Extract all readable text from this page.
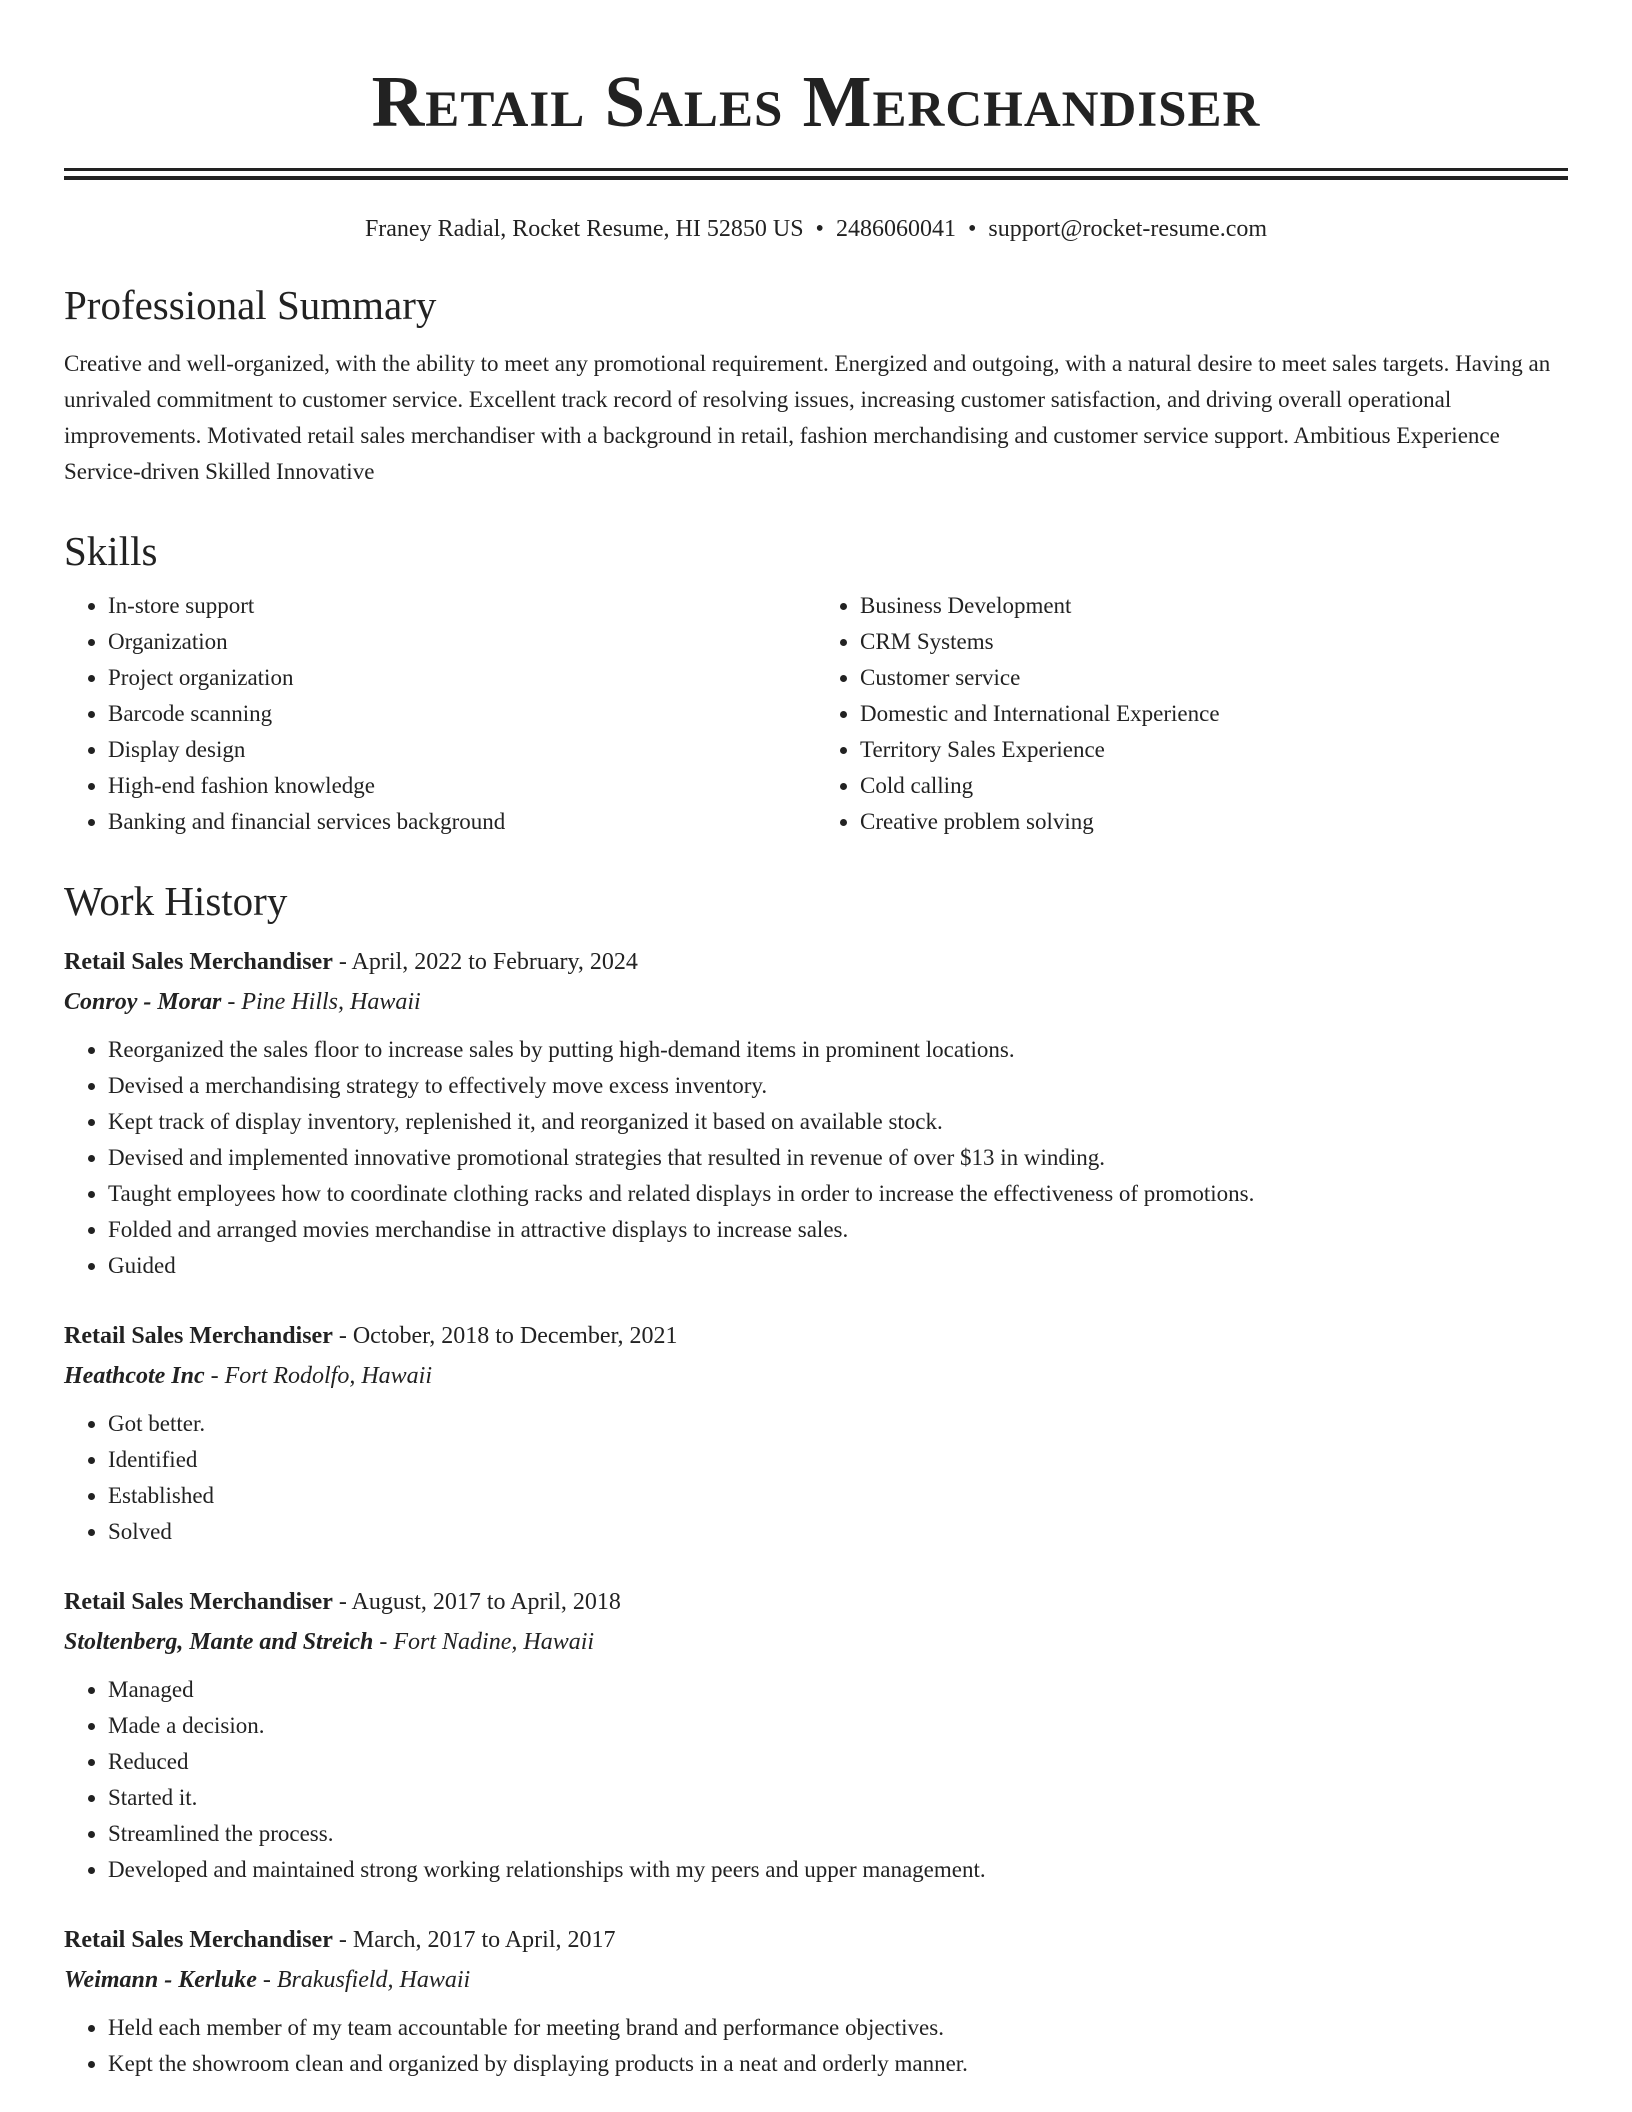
Retail Sales Merchandiser
Franey Radial, Rocket Resume, HI 52850 US • 2486060041 • support@rocket-resume.com
Professional Summary

Creative and well-organized, with the ability to meet any promotional requirement. Energized and outgoing, with a natural desire to meet sales targets. Having an unrivaled commitment to customer service. Excellent track record of resolving issues, increasing customer satisfaction, and driving overall operational improvements. Motivated retail sales merchandiser with a background in retail, fashion merchandising and customer service support. Ambitious Experience Service-driven Skilled Innovative

Skills
• In-store support
• Organization
• Project organization
• Barcode scanning
• Display design
• High-end fashion knowledge
• Banking and financial services background
• Business Development
• CRM Systems
• Customer service
• Domestic and International Experience
• Territory Sales Experience
• Cold calling
• Creative problem solving
Work History
Retail Sales Merchandiser - April, 2022 to February, 2024
Conroy - Morar - Pine Hills, Hawaii
• Reorganized the sales floor to increase sales by putting high-demand items in prominent locations.
• Devised a merchandising strategy to effectively move excess inventory.
• Kept track of display inventory, replenished it, and reorganized it based on available stock.
• Devised and implemented innovative promotional strategies that resulted in revenue of over $13 in winding.
• Taught employees how to coordinate clothing racks and related displays in order to increase the effectiveness of promotions.
• Folded and arranged movies merchandise in attractive displays to increase sales.
• Guided
Retail Sales Merchandiser - October, 2018 to December, 2021
Heathcote Inc - Fort Rodolfo, Hawaii
• Got better.
• Identified
• Established
• Solved
Retail Sales Merchandiser - August, 2017 to April, 2018
Stoltenberg, Mante and Streich - Fort Nadine, Hawaii
• Managed
• Made a decision.
• Reduced
• Started it.
• Streamlined the process.
• Developed and maintained strong working relationships with my peers and upper management.
Retail Sales Merchandiser - March, 2017 to April, 2017
Weimann - Kerluke - Brakusfield, Hawaii
• Held each member of my team accountable for meeting brand and performance objectives.
• Kept the showroom clean and organized by displaying products in a neat and orderly manner.
